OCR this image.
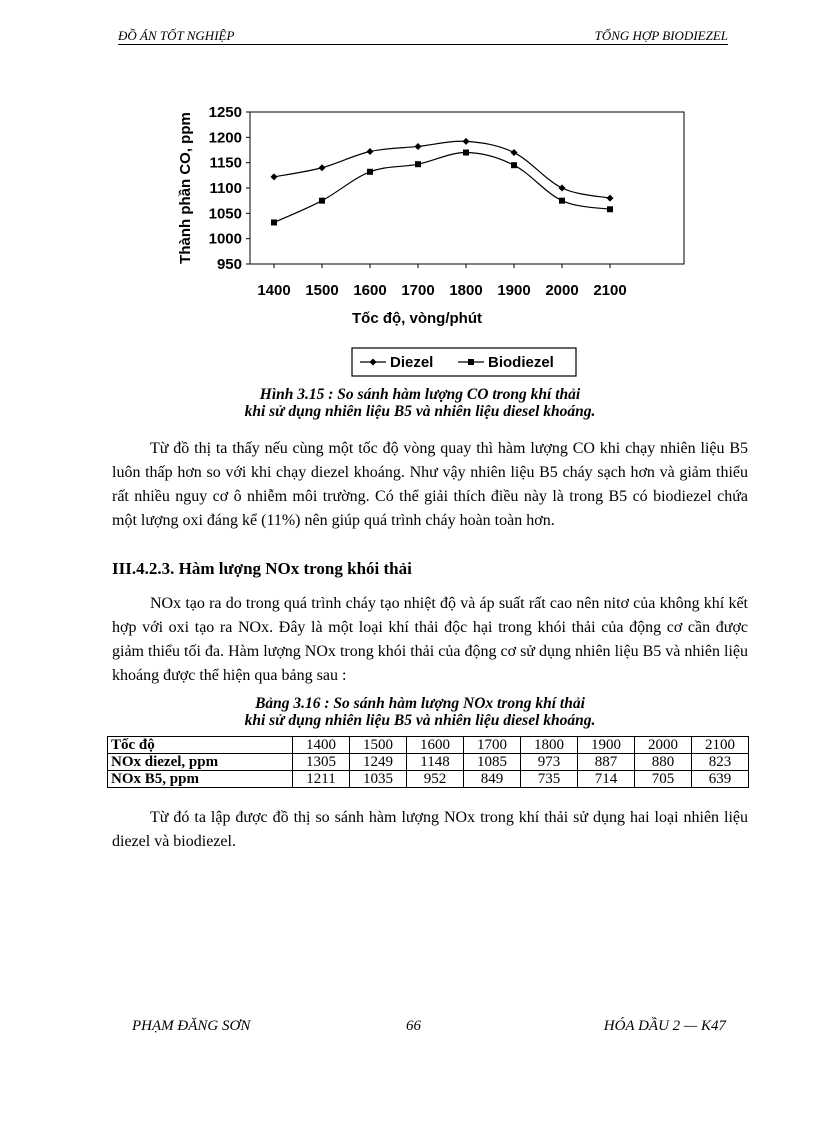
ĐỒ ÁN TỐT NGHIỆP	TỔNG HỢP BIODIEZEL
950
1000
1050
1100
1150
1200
1250
1400 1500 1600 1700 1800 1900 2000 2100
Thành phần CO, ppm
Tốc độ, vòng/phút
Diezel	Biodiezel
Hình 3.15 : So sánh hàm lượng CO trong khí thải
khi sử dụng nhiên liệu B5 và nhiên liệu diesel khoáng.
Từ đồ thị ta thấy nếu cùng một tốc độ vòng quay thì hàm lượng CO khi chạy nhiên liệu B5 luôn thấp hơn so với khi chạy diezel khoáng. Như vậy nhiên liệu B5 cháy sạch hơn và giảm thiểu rất nhiều nguy cơ ô nhiễm môi trường. Có thể giải thích điều này là trong B5 có biodiezel chứa một lượng oxi đáng kể (11%) nên giúp quá trình cháy hoàn toàn hơn.
III.4.2.3. Hàm lượng NOx trong khói thải
NOx tạo ra do trong quá trình cháy tạo nhiệt độ và áp suất rất cao nên nitơ của không khí kết hợp với oxi tạo ra NOx. Đây là một loại khí thải độc hại trong khói thải của động cơ cần được giảm thiểu tối đa. Hàm lượng NOx trong khói thải của động cơ sử dụng nhiên liệu B5 và nhiên liệu khoáng được thể hiện qua bảng sau :
Bảng 3.16 : So sánh hàm lượng NOx trong khí thải
khi sử dụng nhiên liệu B5 và nhiên liệu diesel khoáng.
Tốc độ	1400	1500	1600	1700	1800	1900	2000	2100
NOx diezel, ppm	1305	1249	1148	1085	973	887	880	823
NOx B5, ppm	1211	1035	952	849	735	714	705	639
Từ đó ta lập được đồ thị so sánh hàm lượng NOx trong khí thải sử dụng hai loại nhiên liệu diezel và biodiezel.
PHẠM ĐĂNG SƠN	66	HÓA DẦU 2 — K47
